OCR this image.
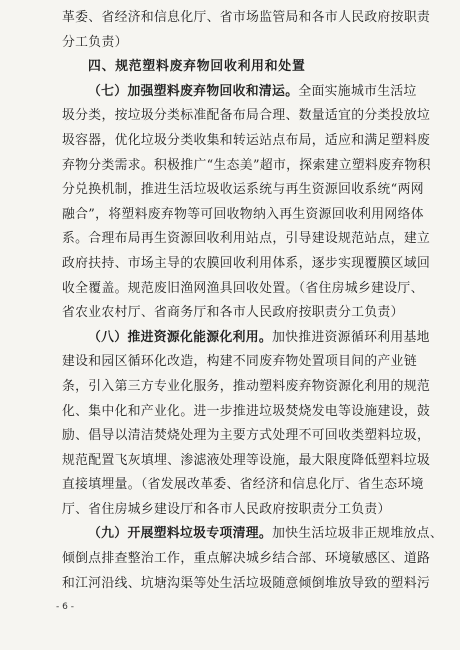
革委、省经济和信息化厅、省市场监管局和各市人民政府按职责
分工负责）
四、规范塑料废弃物回收利用和处置
（七）加强塑料废弃物回收和清运。全面实施城市生活垃
圾分类，按垃圾分类标准配备布局合理、数量适宜的分类投放垃
圾容器，优化垃圾分类收集和转运站点布局，适应和满足塑料废
弃物分类需求。积极推广“生态美”超市，探索建立塑料废弃物积
分兑换机制，推进生活垃圾收运系统与再生资源回收系统“两网
融合”，将塑料废弃物等可回收物纳入再生资源回收利用网络体
系。合理布局再生资源回收利用站点，引导建设规范站点，建立
政府扶持、市场主导的农膜回收利用体系，逐步实现覆膜区域回
收全覆盖。规范废旧渔网渔具回收处置。（省住房城乡建设厅、
省农业农村厅、省商务厅和各市人民政府按职责分工负责）
（八）推进资源化能源化利用。加快推进资源循环利用基地
建设和园区循环化改造，构建不同废弃物处置项目间的产业链
条，引入第三方专业化服务，推动塑料废弃物资源化利用的规范
化、集中化和产业化。进一步推进垃圾焚烧发电等设施建设，鼓
励、倡导以清洁焚烧处理为主要方式处理不可回收类塑料垃圾，
规范配置飞灰填埋、渗滤液处理等设施，最大限度降低塑料垃圾
直接填埋量。（省发展改革委、省经济和信息化厅、省生态环境
厅、省住房城乡建设厅和各市人民政府按职责分工负责）
（九）开展塑料垃圾专项清理。加快生活垃圾非正规堆放点、
倾倒点排查整治工作，重点解决城乡结合部、环境敏感区、道路
和江河沿线、坑塘沟渠等处生活垃圾随意倾倒堆放导致的塑料污
- 6 -
